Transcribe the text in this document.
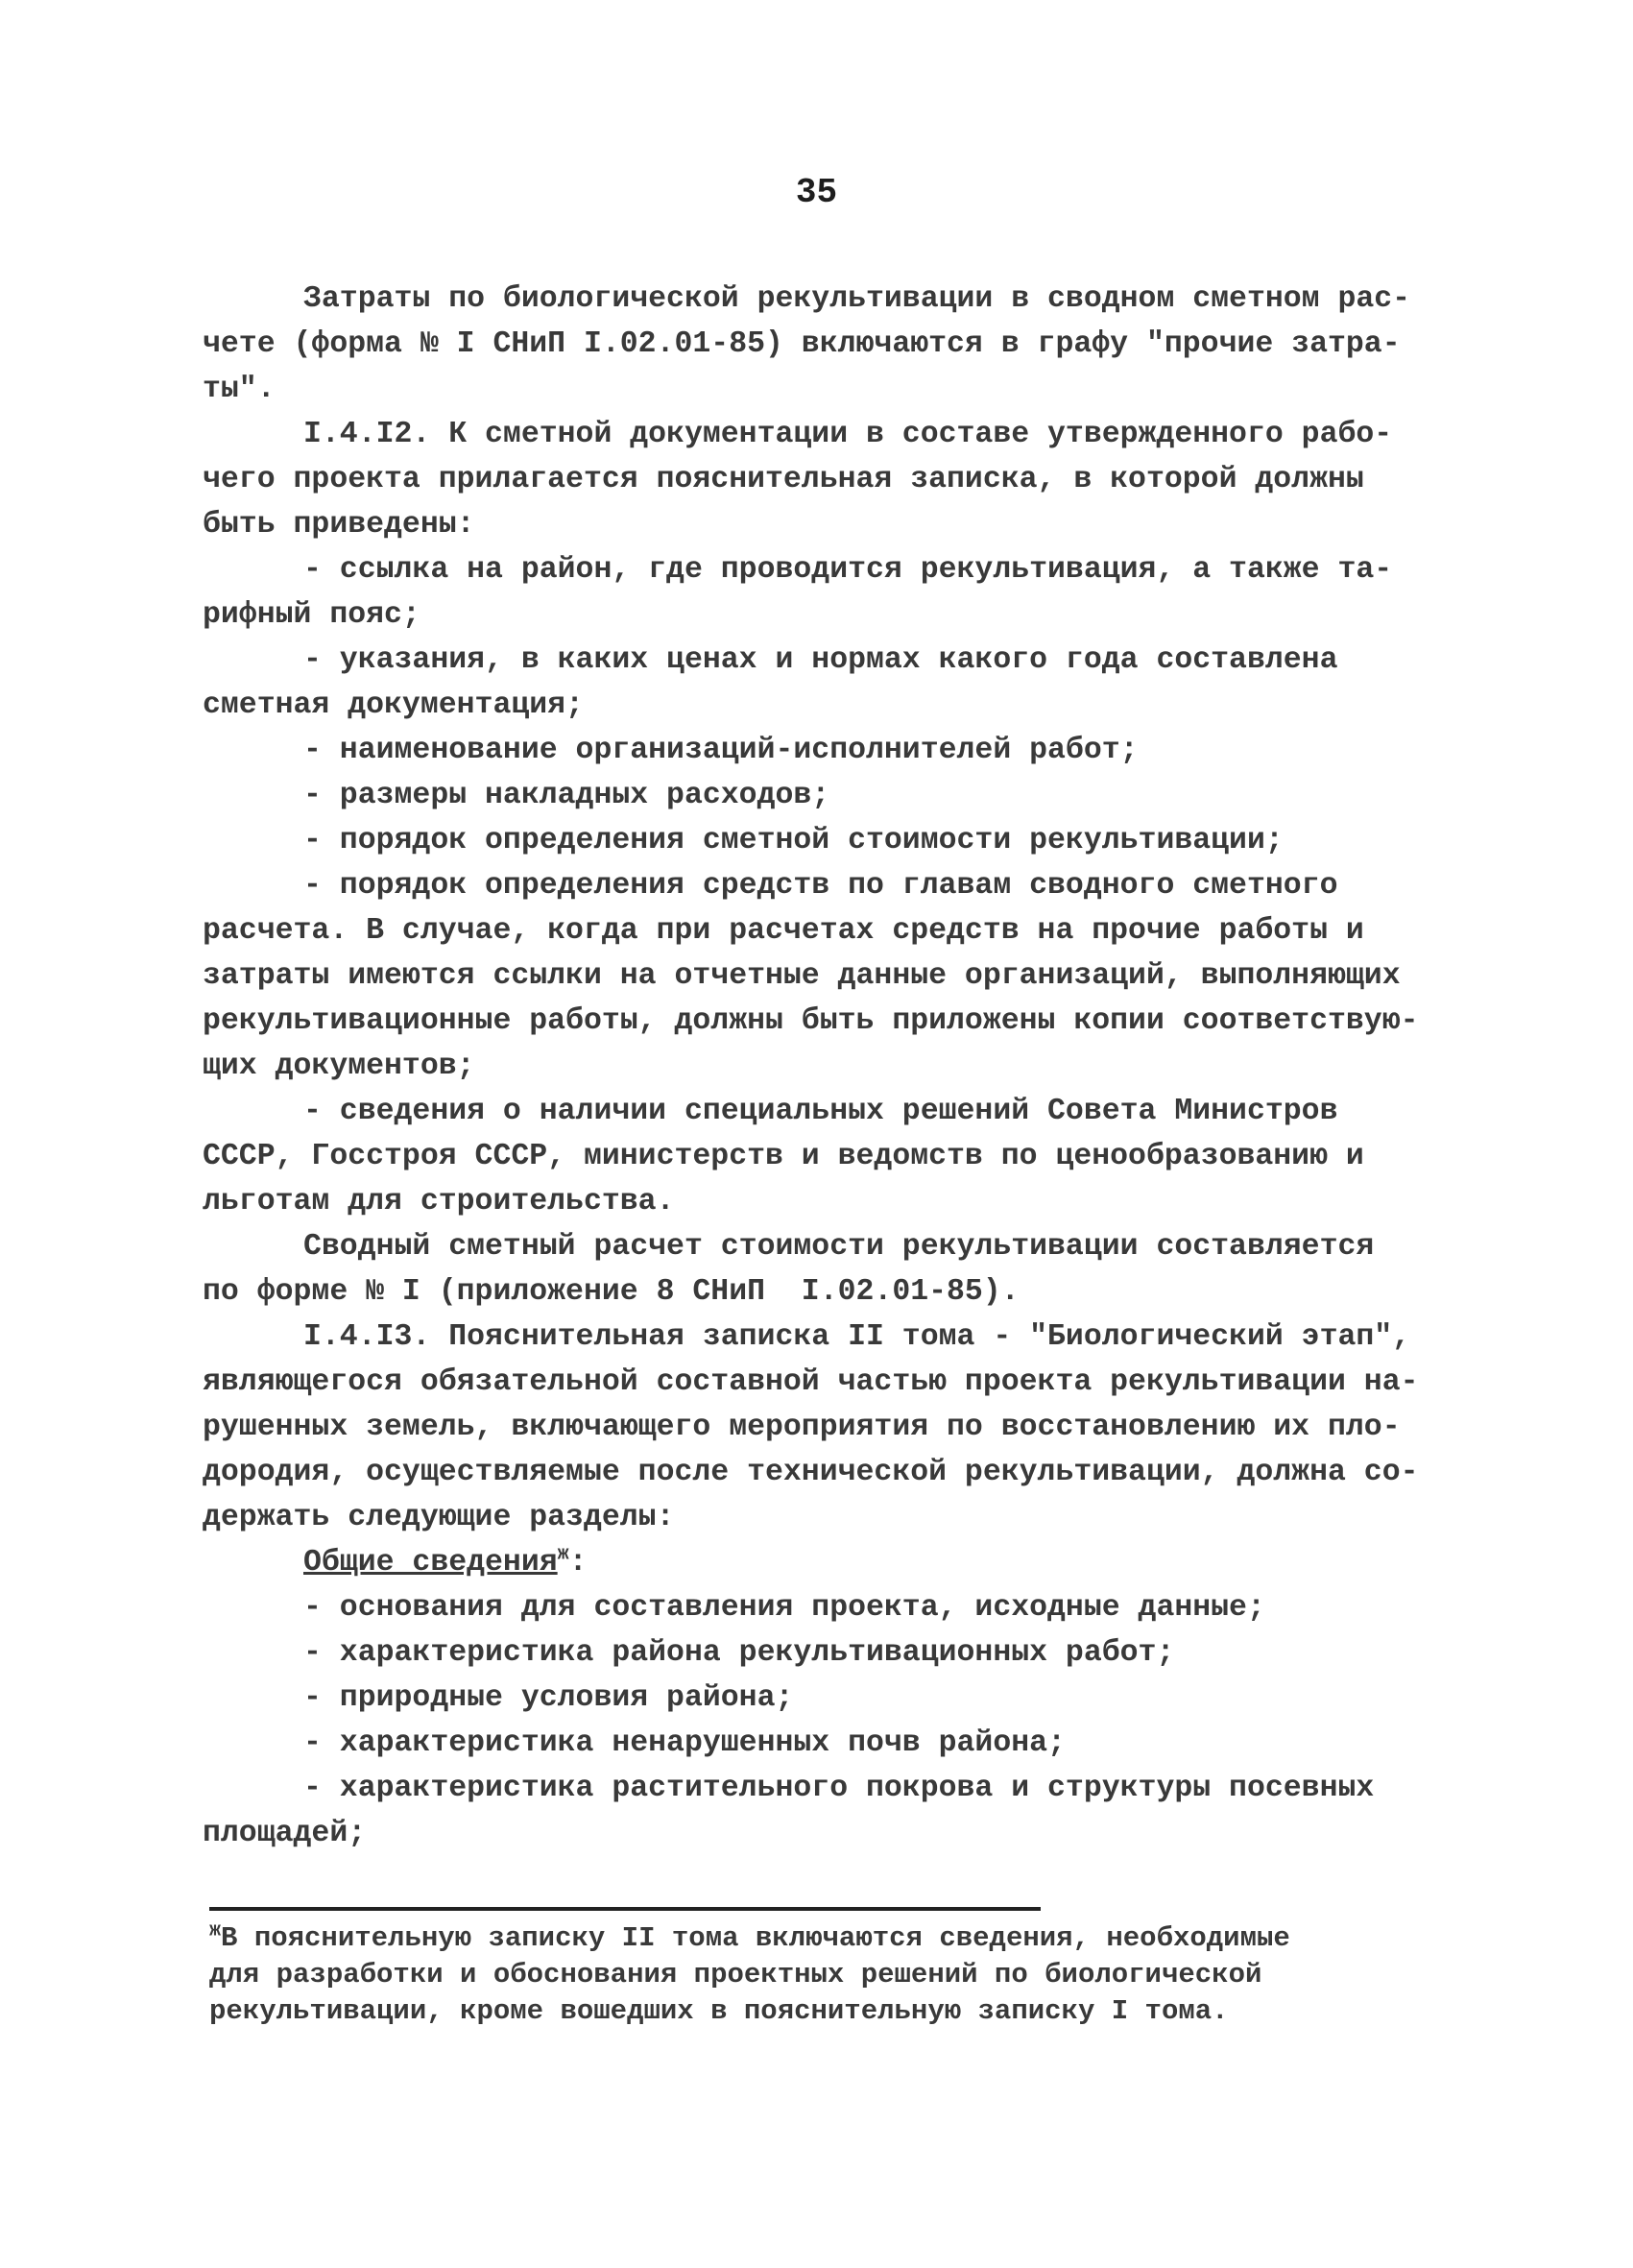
35
Затраты по биологической рекультивации в сводном сметном рас-
чете (форма № I СНиП I.02.01-85) включаются в графу "прочие затра-
ты".
I.4.I2. К сметной документации в составе утвержденного рабо-
чего проекта прилагается пояснительная записка, в которой должны
быть приведены:
- ссылка на район, где проводится рекультивация, а также та-
рифный пояс;
- указания, в каких ценах и нормах какого года составлена
сметная документация;
- наименование организаций-исполнителей работ;
- размеры накладных расходов;
- порядок определения сметной стоимости рекультивации;
- порядок определения средств по главам сводного сметного
расчета. В случае, когда при расчетах средств на прочие работы и
затраты имеются ссылки на отчетные данные организаций, выполняющих
рекультивационные работы, должны быть приложены копии соответствую-
щих документов;
- сведения о наличии специальных решений Совета Министров
СССР, Госстроя СССР, министерств и ведомств по ценообразованию и
льготам для строительства.
Сводный сметный расчет стоимости рекультивации составляется
по форме № I (приложение 8 СНиП  I.02.01-85).
I.4.I3. Пояснительная записка II тома - "Биологический этап",
являющегося обязательной составной частью проекта рекультивации на-
рушенных земель, включающего мероприятия по восстановлению их пло-
дородия, осуществляемые после технической рекультивации, должна со-
держать следующие разделы:
Общие сведения$^ж$:
- основания для составления проекта, исходные данные;
- характеристика района рекультивационных работ;
- природные условия района;
- характеристика ненарушенных почв района;
- характеристика растительного покрова и структуры посевных
площадей;
$^ж$В пояснительную записку II тома включаются сведения, необходимые
для разработки и обоснования проектных решений по биологической
рекультивации, кроме вошедших в пояснительную записку I тома.
